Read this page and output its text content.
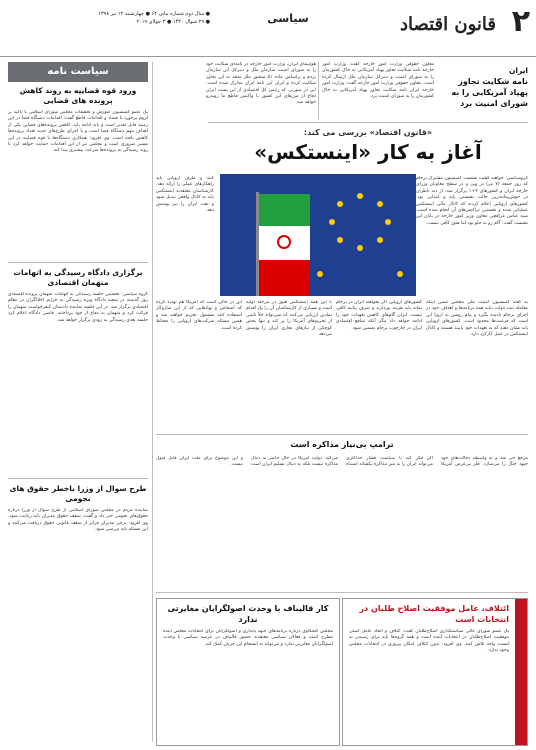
۲
قانون اقتصاد
سیاسی
● سال دوم شماره پیاپی ۶۴ ● چهارشنبه ۱۲ تیر ۱۳۹۸
● ۲۹ شوال ۱۴۴۰ ● ۳ جولای ۲۰۱۹
ایران
نامه شکایت تجاوز پهپاد آمریکایی را به شورای امنیت برد
معاون حقوقی وزارت امور خارجه گفت: وزارت امور خارجه نامه شکایت تجاوز پهپاد آمریکایی به خاک کشورمان را به شورای امنیت و دبیرکل سازمان ملل ارسال کرده است. معاون حقوقی وزارت امور خارجه گفت: وزارت امور خارجه ایران نامه شکایت تجاوز پهپاد آمریکایی به خاک کشورمان را به شورای امنیت برد.
هواپیمای ایران، وزارت امور خارجه در نامه‌ای شکایت خود را به شورای امنیت سازمان ملل و دبیرکل این سازمان بردم و براساس ماده ۵۱ منشور ملل متحد به این تجاوز شکایت کرده و ایران این نامه ایران مدارک شده است. این در صورتی که رئیس کل اقتصادی از این پست ایران دفاع از مرزهای این کشور با واکنش قاطع ما روبه‌رو خواهد شد.
«قانون اقتصاد» بررسی می کند:
آغاز به کار «اینستکس»
کنند و طرف اروپایی باید راهکارهای عملی را ارائه دهد. کارشناسان معتقدند اینستکس باید به کانال واقعی تبدیل شود و نفت ایران را نیز پوشش دهد.
گروسیاسی: خواهند گشت نشست کمیسیون مشترک برجام که روز جمعه (۷ تیر) در وین و در سطح معاونان وزرای خارجه ایران و کشورهای ۴+۱ برگزار شد، از دید ناظران در خوش‌بینانه‌ترین حالت نشستی پایه و ابتدایی بود. کشورهای اروپایی اعلام کردند که کانال مالی اینستکس عملیاتی شده و نخستین تراکنش‌های آن انجام شده است. سید عباس عراقچی معاون وزیر امور خارجه در پایان این نشست گفت: گام رو به جلو بود اما هنوز کافی نیست.
این در حالی است که آمریکا هم تهدید کرده که اشخاص و نهادهایی که از این سازوکار استفاده کنند مشمول تحریم خواهند شد و همین مسئله شرکت‌های اروپایی را محتاط کرده است.
با این همه اینستکس هنوز در مرحله اولیه است و بسیاری از کارشناسان آن را یک اقدام نمادین ارزیابی می‌کنند که نمی‌تواند خلأ ناشی از تحریم‌های آمریکا را پر کند و تنها بخش کوچکی از نیازهای تجاری ایران را پوشش می‌دهد.
کشورهای اروپایی اگر بخواهند ایران در برجام بماند باید هزینه بپردازند و صرف بیانیه کافی نیست. ایران گام‌های کاهش تعهدات خود را ادامه خواهد داد مگر آنکه منافع اقتصادی ایران در چارچوب برجام تضمین شود.
به گفته کمیسیون امنیت ملی مجلس ضمن اینکه معامله ثبت دولت نباید همه برنامه‌ها و اهداف خود در اجرای برجام نادیده بگیرد و پیام روشن به اروپا این است که فرصت‌ها محدود است. کشورهای اروپایی باید نشان دهند که به تعهدات خود پایبند هستند و کانال اینستکس در عمل کارکرد دارد.
سیاست نامه
ورود قوه قضاییه به روند کاهش پرونده های قضایی
یک عضو کمیسیون آموزش و تحقیقات مجلس شورای اسلامی با تاکید بر لزوم برخورد با فساد و اقدامات قاطع گفت: اقدامات دستگاه قضا در این زمینه قابل تقدیر است و باید ادامه یابد. کاهش پرونده‌های قضایی یکی از اهداف مهم دستگاه قضا است و با اجرای طرح‌های جدید تعداد پرونده‌ها کاهش یافته است. وی افزود: همکاری دستگاه‌ها با قوه قضاییه در این مسیر ضروری است و مجلس نیز از این اقدامات حمایت خواهد کرد تا روند رسیدگی به پرونده‌ها سرعت بیشتری پیدا کند.
برگزاری دادگاه رسیدگی به اتهامات متهمان اقتصادی
گروه سیاسی: نخستین جلسه رسیدگی به اتهامات متهمان پرونده اقتصادی روز گذشته در شعبه دادگاه ویژه رسیدگی به جرایم اخلالگران در نظام اقتصادی برگزار شد. در این جلسه نماینده دادستان کیفرخواست متهمان را قرائت کرد و متهمان به دفاع از خود پرداختند. قاضی دادگاه اعلام کرد جلسه بعدی رسیدگی به زودی برگزار خواهد شد.
طرح سوال از وزرا باخطر حقوق های نجومی
نماینده مردم در مجلس شورای اسلامی از طرح سوال از وزرا درباره حقوق‌های نجومی خبر داد و گفت: سقف حقوق مدیران باید رعایت شود. وی افزود: برخی مدیران فراتر از سقف قانونی حقوق دریافت می‌کنند و این مسئله باید بررسی شود.
ترامپ بی‌نیاز مذاکره است
مرجع حی شد و به واسطه دخالت‌های خود جبهه جنگ را می‌سازد. فلز بی‌غرض آمریکا اگر فکر کند با سیاست فشار حداکثری می‌تواند ایران را به میز مذاکره بکشاند اشتباه می‌کند. دولت آمریکا در حال حاضر به دنبال مذاکره نیست بلکه به دنبال تسلیم ایران است و این موضوع برای ملت ایران قابل قبول نیست.
کار قالیباف با وحدت اصولگرایان مغایرتی ندارد
مجلس کنجکاوی درباره برنامه‌های جبهه پایداری و اصولگرایان برای انتخابات مجلس آینده مطرح است و فعالان سیاسی معتقدند حضور قالیباف در عرصه سیاسی با وحدت اصولگرایان مغایرتی ندارد و می‌تواند به انسجام این جریان کمک کند.
ائتلاف، عامل موفقیت اصلاح طلبان در انتخابات است
یک عضو شورای عالی سیاستگذاری اصلاح‌طلبان گفت: ائتلاف و اتحاد عامل اصلی موفقیت اصلاح‌طلبان در انتخابات آینده است و همه گروه‌ها باید برای رسیدن به لیست واحد تلاش کنند. وی افزود: بدون ائتلاف امکان پیروزی در انتخابات مجلس وجود ندارد.
